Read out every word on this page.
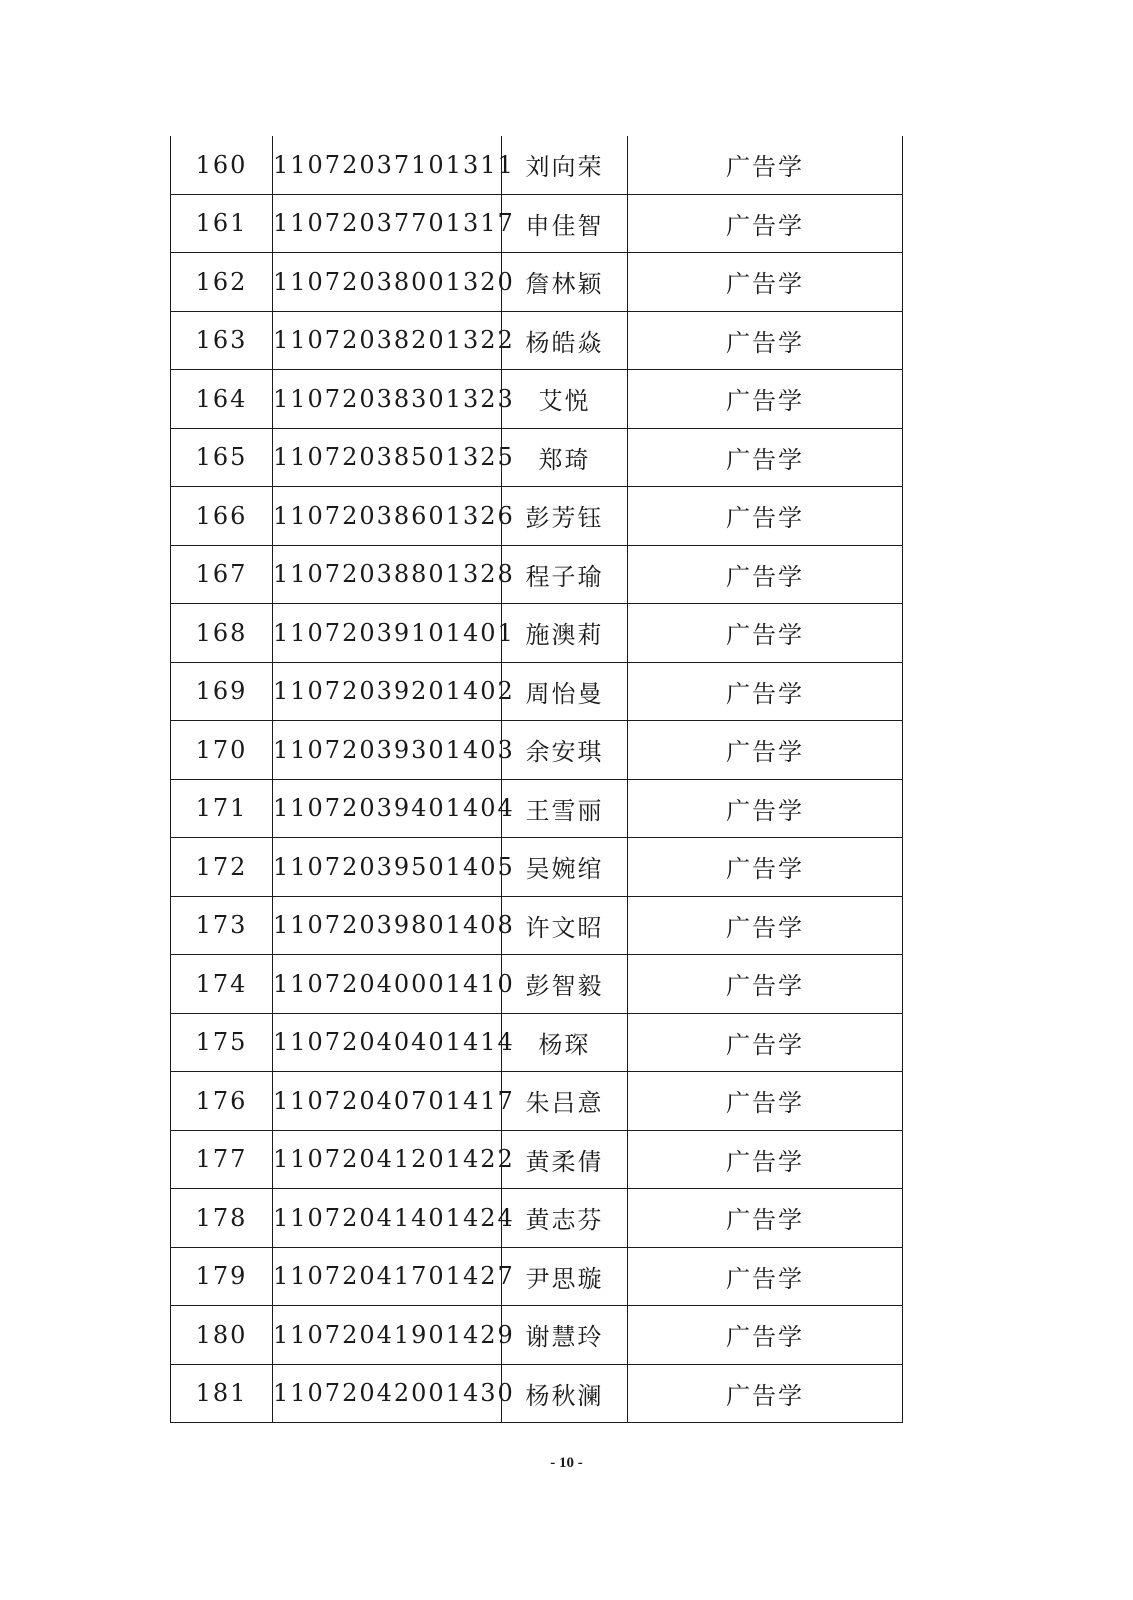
160	11072037101311	刘向荣	广告学
161	11072037701317	申佳智	广告学
162	11072038001320	詹林颖	广告学
163	11072038201322	杨皓焱	广告学
164	11072038301323	艾悦	广告学
165	11072038501325	郑琦	广告学
166	11072038601326	彭芳钰	广告学
167	11072038801328	程子瑜	广告学
168	11072039101401	施澳莉	广告学
169	11072039201402	周怡曼	广告学
170	11072039301403	余安琪	广告学
171	11072039401404	王雪丽	广告学
172	11072039501405	吴婉绾	广告学
173	11072039801408	许文昭	广告学
174	11072040001410	彭智毅	广告学
175	11072040401414	杨琛	广告学
176	11072040701417	朱吕意	广告学
177	11072041201422	黄柔倩	广告学
178	11072041401424	黄志芬	广告学
179	11072041701427	尹思璇	广告学
180	11072041901429	谢慧玲	广告学
181	11072042001430	杨秋澜	广告学
- 10 -
